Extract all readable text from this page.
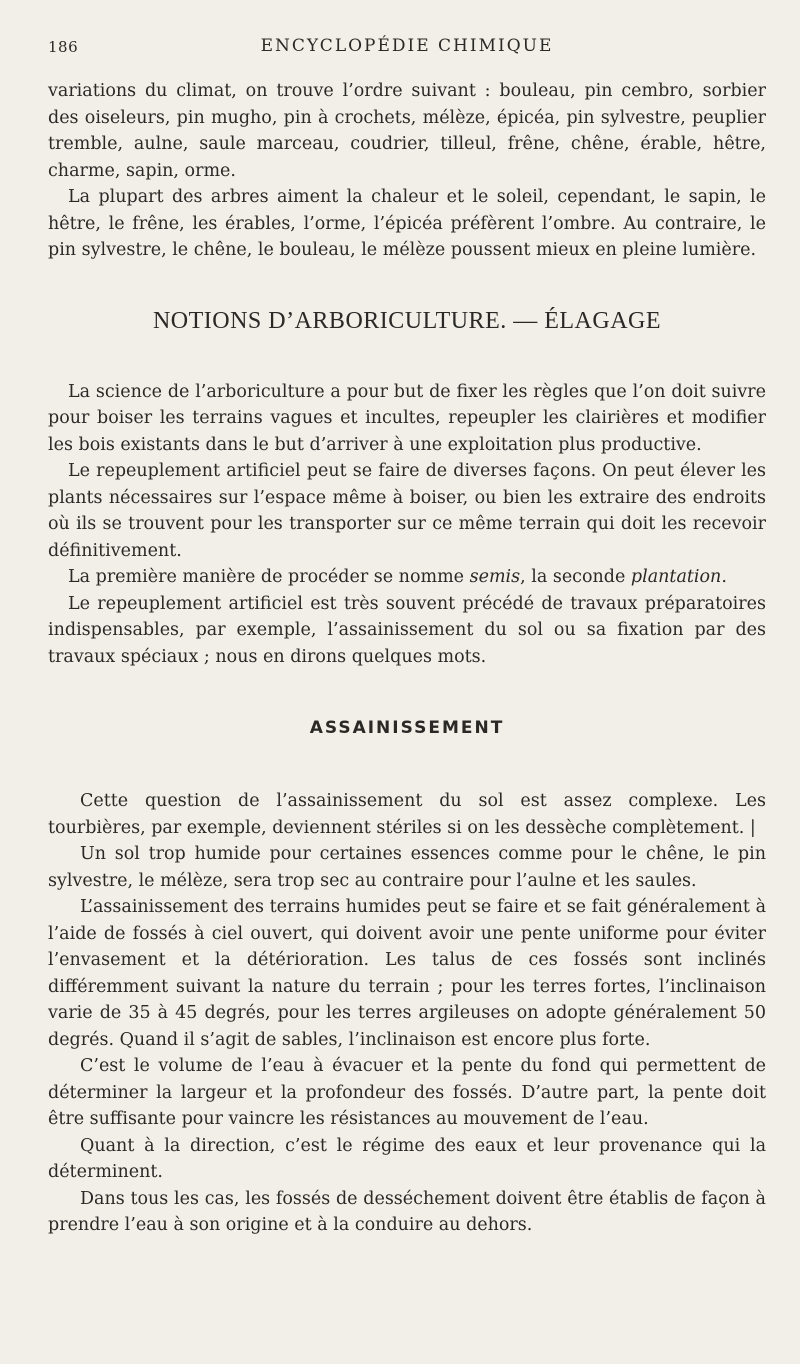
186	ENCYCLOPÉDIE CHIMIQUE

variations du climat, on trouve l’ordre suivant : bouleau, pin cembro, sorbier des oiseleurs, pin mugho, pin à crochets, mélèze, épicéa, pin sylvestre, peuplier tremble, aulne, saule marceau, coudrier, tilleul, frêne, chêne, érable, hêtre, charme, sapin, orme.

La plupart des arbres aiment la chaleur et le soleil, cependant, le sapin, le hêtre, le frêne, les érables, l’orme, l’épicéa préfèrent l’ombre. Au contraire, le pin sylvestre, le chêne, le bouleau, le mélèze poussent mieux en pleine lumière.

NOTIONS D’ARBORICULTURE. — ÉLAGAGE

La science de l’arboriculture a pour but de fixer les règles que l’on doit suivre pour boiser les terrains vagues et incultes, repeupler les clairières et modifier les bois existants dans le but d’arriver à une exploitation plus productive.

Le repeuplement artificiel peut se faire de diverses façons. On peut élever les plants nécessaires sur l’espace même à boiser, ou bien les extraire des endroits où ils se trouvent pour les transporter sur ce même terrain qui doit les recevoir définitivement.

La première manière de procéder se nomme semis, la seconde plantation.

Le repeuplement artificiel est très souvent précédé de travaux préparatoires indispensables, par exemple, l’assainissement du sol ou sa fixation par des travaux spéciaux ; nous en dirons quelques mots.

ASSAINISSEMENT

Cette question de l’assainissement du sol est assez complexe. Les tourbières, par exemple, deviennent stériles si on les dessèche complètement. |

Un sol trop humide pour certaines essences comme pour le chêne, le pin sylvestre, le mélèze, sera trop sec au contraire pour l’aulne et les saules.

L’assainissement des terrains humides peut se faire et se fait généralement à l’aide de fossés à ciel ouvert, qui doivent avoir une pente uniforme pour éviter l’envasement et la détérioration. Les talus de ces fossés sont inclinés différemment suivant la nature du terrain ; pour les terres fortes, l’inclinaison varie de 35 à 45 degrés, pour les terres argileuses on adopte généralement 50 degrés. Quand il s’agit de sables, l’inclinaison est encore plus forte.

C’est le volume de l’eau à évacuer et la pente du fond qui permettent de déterminer la largeur et la profondeur des fossés. D’autre part, la pente doit être suffisante pour vaincre les résistances au mouvement de l’eau.

Quant à la direction, c’est le régime des eaux et leur provenance qui la déterminent.

Dans tous les cas, les fossés de desséchement doivent être établis de façon à prendre l’eau à son origine et à la conduire au dehors.
